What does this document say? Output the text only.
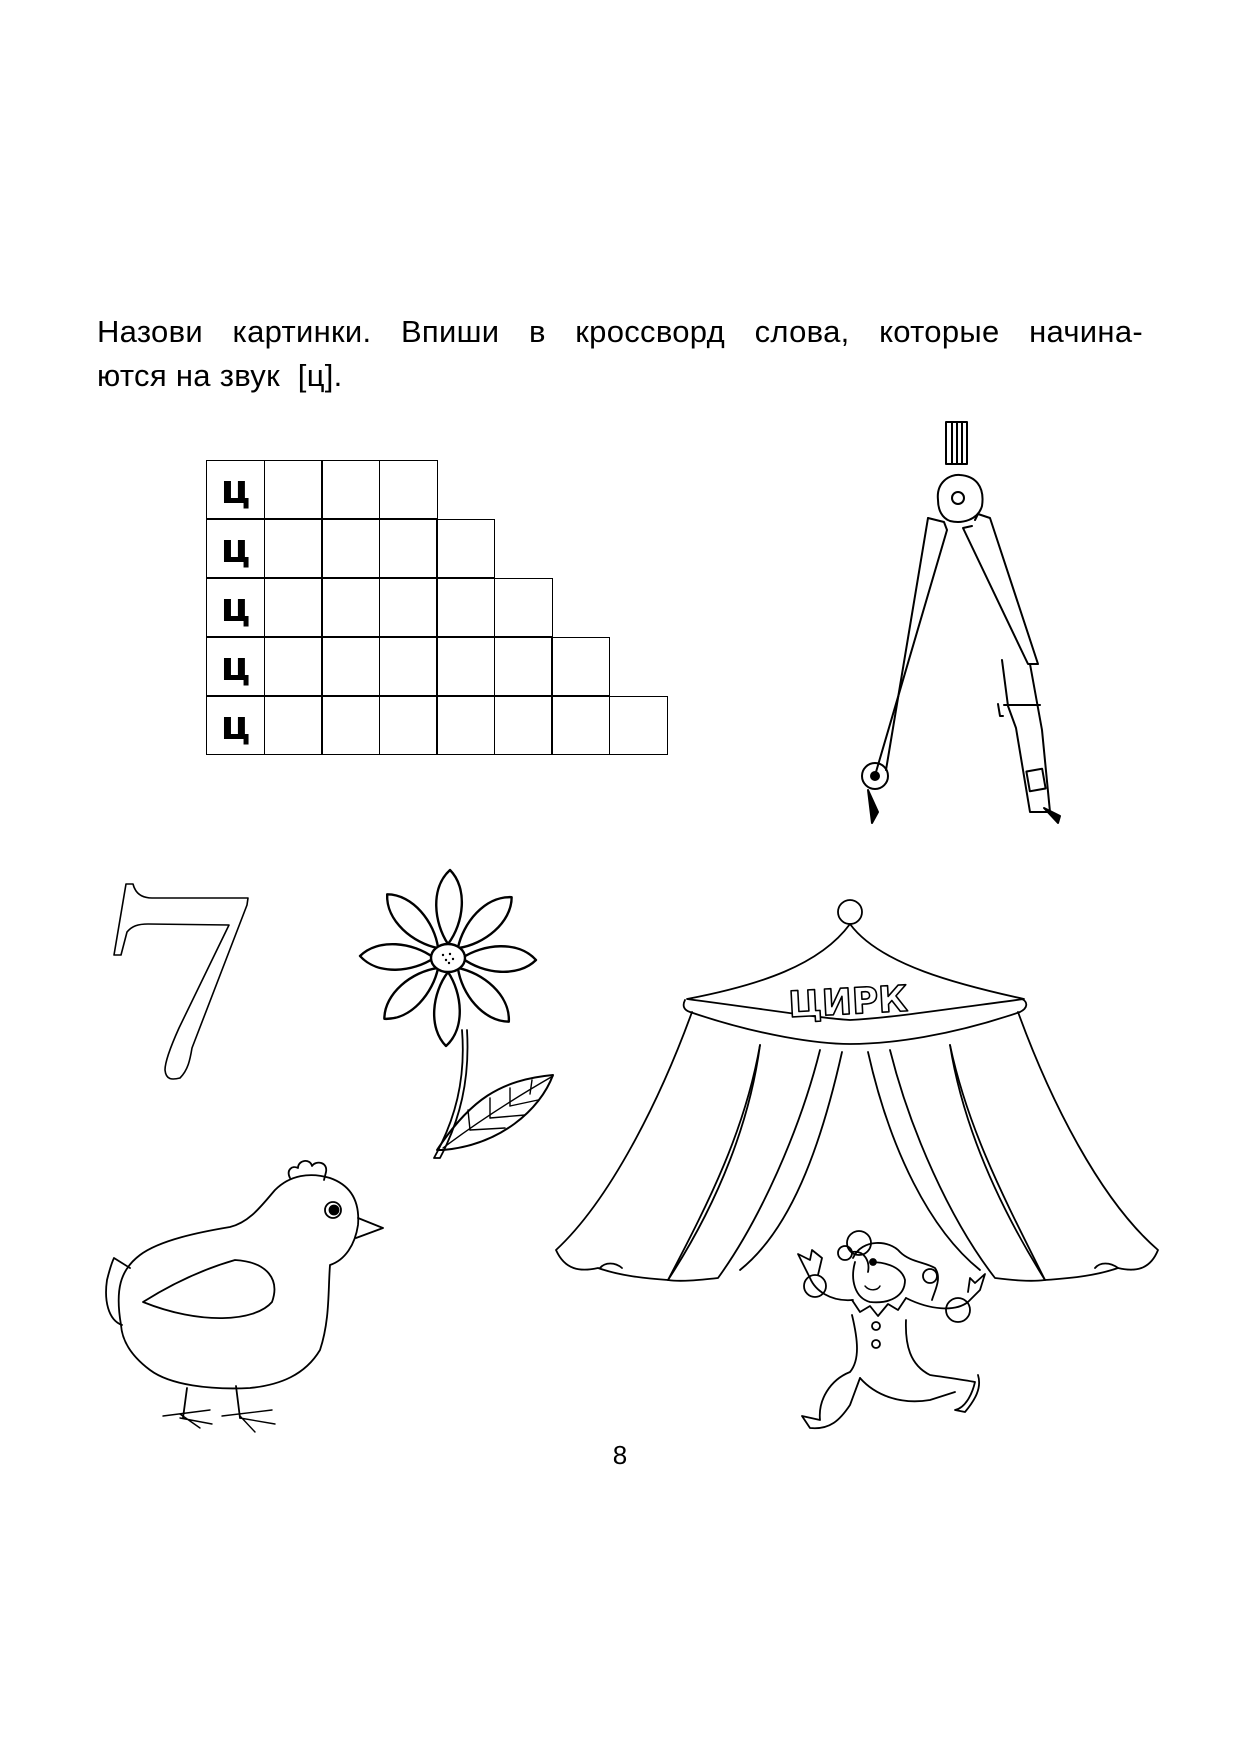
Назови картинки. Впиши в кроссворд слова, которые начина-
ются на звук  [ц].
ц
ц
ц
ц
ц
ЦИРК
8
